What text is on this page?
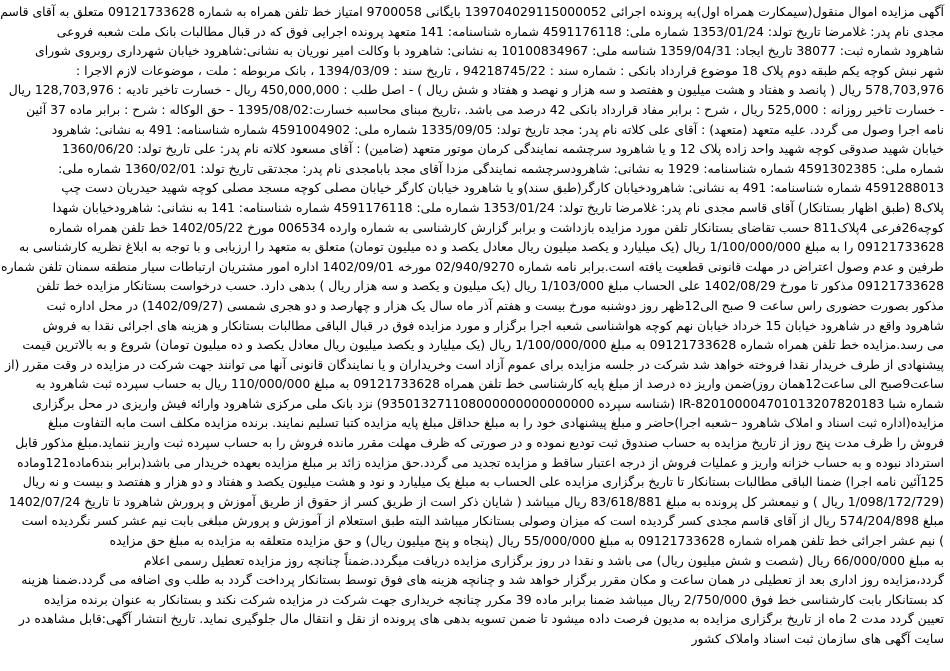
آگهی مزایده اموال منقول(سیمکارت همراه اول)به پرونده اجرائی 139704029115000052 بایگانی 9700058 امتیاز خط تلفن همراه به شماره 09121733628 متعلق به آقای قاسم
مجدی نام پدر: غلامرضا تاریخ تولد: 1353/01/24 شماره ملی: 4591176118 شماره شناسنامه: 141 متعهد پرونده اجرایی فوق که در قبال مطالبات بانک ملت شعبه فروعی
شاهرود شماره ثبت: 38077 تاریخ ایجاد: 1359/04/31 شناسه ملی: 10100834967 به نشانی: شاهرود با وکالت امیر نوریان به نشانی:شاهرود خیابان شهرداری روبروی شورای
شهر نبش کوچه یکم طبقه دوم پلاک 18 موضوع قرارداد بانکی : شماره سند : 94218745/22 ، تاریخ سند : 1394/03/09 ، بانک مربوطه : ملت ، موضوعات لازم الاجرا :
578,703,976 ریال ( پانصد و هفتاد و هشت میلیون و هفتصد و سه هزار و نهصد و هفتاد و شش ریال ) - اصل طلب : 450,000,000 ریال - خسارت تاخیر تادیه : 128,703,976 ریال
- خسارت تاخیر روزانه : 525,000 ریال ، شرح : برابر مفاد قرارداد بانکی 42 درصد می باشد. ،تاریخ مبنای محاسبه خسارت:1395/08/02 - حق الوکاله : شرح : برابر ماده 37 آئین
نامه اجرا وصول می گردد. علیه متعهد (متعهد) : آقای علی کلاته نام پدر: مجد تاریخ تولد: 1335/09/05 شماره ملی: 4591004902 شماره شناسنامه: 491 به نشانی: شاهرود
خیابان شهید صدوقی کوچه شهید واحد زاده پلاک 12 و یا شاهرود سرچشمه نمایندگی کرمان موتور متعهد (ضامین) : آقای مسعود کلاته نام پدر: علی تاریخ تولد: 1360/06/20
شماره ملی: 4591302385 شماره شناسنامه: 1929 به نشانی: شاهرودسرچشمه نمایندگی مزدا آقای مجد بابامجدی نام پدر: مجدتقی تاریخ تولد: 1360/02/01 شماره ملی:
4591288013 شماره شناسنامه: 491 به نشانی: شاهرودخیابان کارگر(طبق سند)و یا شاهرود خیابان کارگر خیابان مصلی کوچه مسجد مصلی کوچه شهید حیدریان دست چپ
پلاک8 (طبق اظهار بستانکار) آقای قاسم مجدی نام پدر: غلامرضا تاریخ تولد: 1353/01/24 شماره ملی: 4591176118 شماره شناسنامه: 141 به نشانی: شاهرودخیابان شهدا
کوچه26فرعی 4پلاک811 حسب تقاضای بستانکار تلفن مورد مزایده بازداشت و برابر گزارش کارشناسی به شماره وارده 006534 مورخ 1402/05/22 خط تلفن همراه شماره
09121733628 را به مبلغ 1/100/000/000 ریال (یک میلیارد و یکصد میلیون ریال معادل یکصد و ده میلیون تومان) متعلق به متعهد را ارزیابی و با توجه به ابلاغ نظریه کارشناسی به
طرفین و عدم وصول اعتراض در مهلت قانونی قطعیت یافته است.برابر نامه شماره 02/940/9270 مورخه 1402/09/01 اداره امور مشتریان ارتباطات سیار منطقه سمنان تلفن شماره
09121733628 مذکور تا مورخ 1402/08/29 علی الحساب مبلغ 1/103/000 ریال (یک میلیون و یکصد و سه هزار ریال ) بدهی دارد. حسب درخواست بستانکار مزایده خط تلفن
مذکور بصورت حضوری راس ساعت 9 صبح الی12ظهر روز دوشنبه مورخ بیست و هفتم آذر ماه سال یک هزار و چهارصد و دو هجری شمسی (1402/09/27) در محل اداره ثبت
شاهرود واقع در شاهرود خیابان 15 خرداد خیابان نهم کوچه هواشناسی شعبه اجرا برگزار و مورد مزایده فوق در قبال الباقی مطالبات بستانکار و هزینه های اجرائی نقدا به فروش
می رسد.مزایده خط تلفن همراه شماره 09121733628 به مبلغ 1/100/000/000 ریال (یک میلیارد و یکصد میلیون ریال معادل یکصد و ده میلیون تومان) شروع و به بالاترین قیمت
پیشنهادی از طرف خریدار نقدا فروخته خواهد شد شرکت در جلسه مزایده برای عموم آزاد است وخریداران و یا نمایندگان قانونی آنها می توانند جهت شرکت در مزایده در وقت مقرر (از
ساعت9صبح الی ساعت12همان روز)ضمن واریز ده درصد از مبلغ پایه کارشناسی خط تلفن همراه 09121733628 به مبلغ 110/000/000 ریال به حساب سپرده ثبت شاهرود به
شماره شبا IR-820100004701013207820183 (شناسه سپرده 935013271108000000000000000) نزد بانک ملی مرکزی شاهرود وارائه فیش واریزی در محل برگزاری
مزایده(اداره ثبت اسناد و املاک شاهرود –شعبه اجرا)حاضر و مبلغ پیشنهادی خود را به مبلغ حداقل مبلغ پایه مزایده کتبا تسلیم نمایند. برنده مزایده مکلف است مابه التفاوت مبلغ
فروش را ظرف مدت پنج روز از تاریخ مزایده به حساب صندوق ثبت تودیع نموده و در صورتی که ظرف مهلت مقرر مانده فروش را به حساب سپرده ثبت واریز ننماید.مبلغ مذکور قابل
استرداد نبوده و به حساب خزانه واریز و عملیات فروش از درجه اعتبار ساقط و مزایده تجدید می گردد.حق مزایده زائد بر مبلغ مزایده بعهده خریدار می باشد(برابر بند6ماده121وماده
125آئین نامه اجرا) ضمنا الباقی مطالبات بستانکار تا تاریخ برگزاری مزایده علی الحساب به مبلغ یک میلیارد و نود و هشت میلیون یکصد و هفتاد و دو هزار و هفتصد و بیست و نه ریال
(1/098/172/729 ریال ) و نیمعشر کل پرونده به مبلغ 83/618/881 ریال میباشد ( شایان ذکر است از طریق کسر از حقوق از طریق آموزش و پرورش شاهرود تا تاریخ 1402/07/24
مبلغ 574/204/898 ریال از آقای قاسم مجدی کسر گردیده است که میزان وصولی بستانکار میباشد البته طبق استعلام از آموزش و پرورش مبلغی بابت نیم عشر کسر نگردیده است
) نیم عشر اجرائی خط تلفن همراه شماره 09121733628 به مبلغ 55/000/000 ریال (پنجاه و پنج میلیون ریال) و حق مزایده متعلقه به مزایده به مبلغ حق مزایده
به مبلغ 66/000/000 ریال (شصت و شش میلیون ریال) می باشد و نقدا در روز برگزاری مزایده دریافت میگردد.ضمناً چنانچه روز مزایده تعطیل رسمی اعلام
گردد،مزایده روز اداری بعد از تعطیلی در همان ساعت و مکان مقرر برگزار خواهد شد و چنانچه هزینه های فوق توسط بستانکار پرداخت گردد به طلب وی اضافه می گردد.ضمنا هزینه
کد بستانکار بابت کارشناسی خط فوق 2/750/000 ریال میباشد ضمنا برابر ماده 39 مکرر چنانچه خریداری جهت شرکت در مزایده شرکت نکند و بستانکار به عنوان برنده مزایده
تعیین گردد مدت 2 ماه از تاریخ برگزاری مزایده به مدیون فرصت داده میشود تا ضمن تسویه بدهی های پرونده از نقل و انتقال مال جلوگیری نماید. تاریخ انتشار آگهی:قابل مشاهده در
سایت آگهی های سازمان ثبت اسناد واملاک کشور
